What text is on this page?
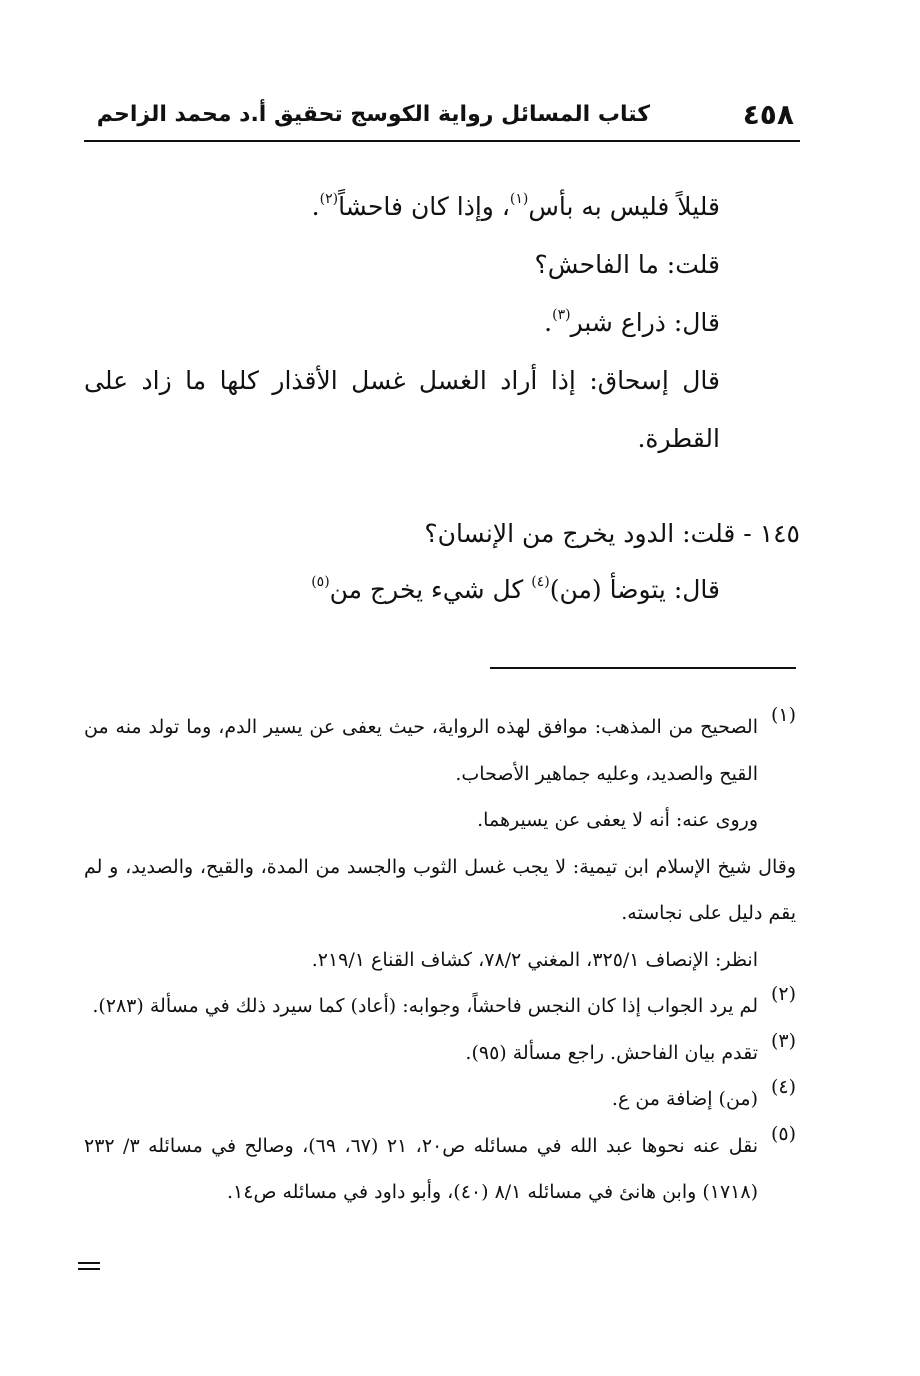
٤٥٨
كتاب المسائل رواية الكوسج تحقيق أ.د محمد الزاحم

قليلاً فليس به بأس$^{(١)}$، وإذا كان فاحشاً$^{(٢)}$.

قلت: ما الفاحش؟

قال: ذراع شبر$^{(٣)}$.

قال إسحاق: إذا أراد الغسل غسل الأقذار كلها ما زاد على القطرة.

١٤٥ - قلت: الدود يخرج من الإنسان؟

قال: يتوضأ (من)$^{(٤)}$ كل شيء يخرج من$^{(٥)}$

(١)

الصحيح من المذهب: موافق لهذه الرواية، حيث يعفى عن يسير الدم، وما تولد منه من القيح والصديد، وعليه جماهير الأصحاب.

وروى عنه: أنه لا يعفى عن يسيرهما.

وقال شيخ الإسلام ابن تيمية: لا يجب غسل الثوب والجسد من المدة، والقيح، والصديد، و لم يقم دليل على نجاسته.

انظر: الإنصاف ٣٢٥/١، المغني ٧٨/٢، كشاف القناع ٢١٩/١.

(٢)

لم يرد الجواب إذا كان النجس فاحشاً، وجوابه: (أعاد) كما سيرد ذلك في مسألة (٢٨٣).

(٣)

تقدم بيان الفاحش. راجع مسألة (٩٥).

(٤)

(من) إضافة من ع.

(٥)

نقل عنه نحوها عبد الله في مسائله ص٢٠، ٢١ (٦٧، ٦٩)، وصالح في مسائله ٣/ ٢٣٢ (١٧١٨) وابن هانئ في مسائله ٨/١ (٤٠)، وأبو داود في مسائله ص١٤.
